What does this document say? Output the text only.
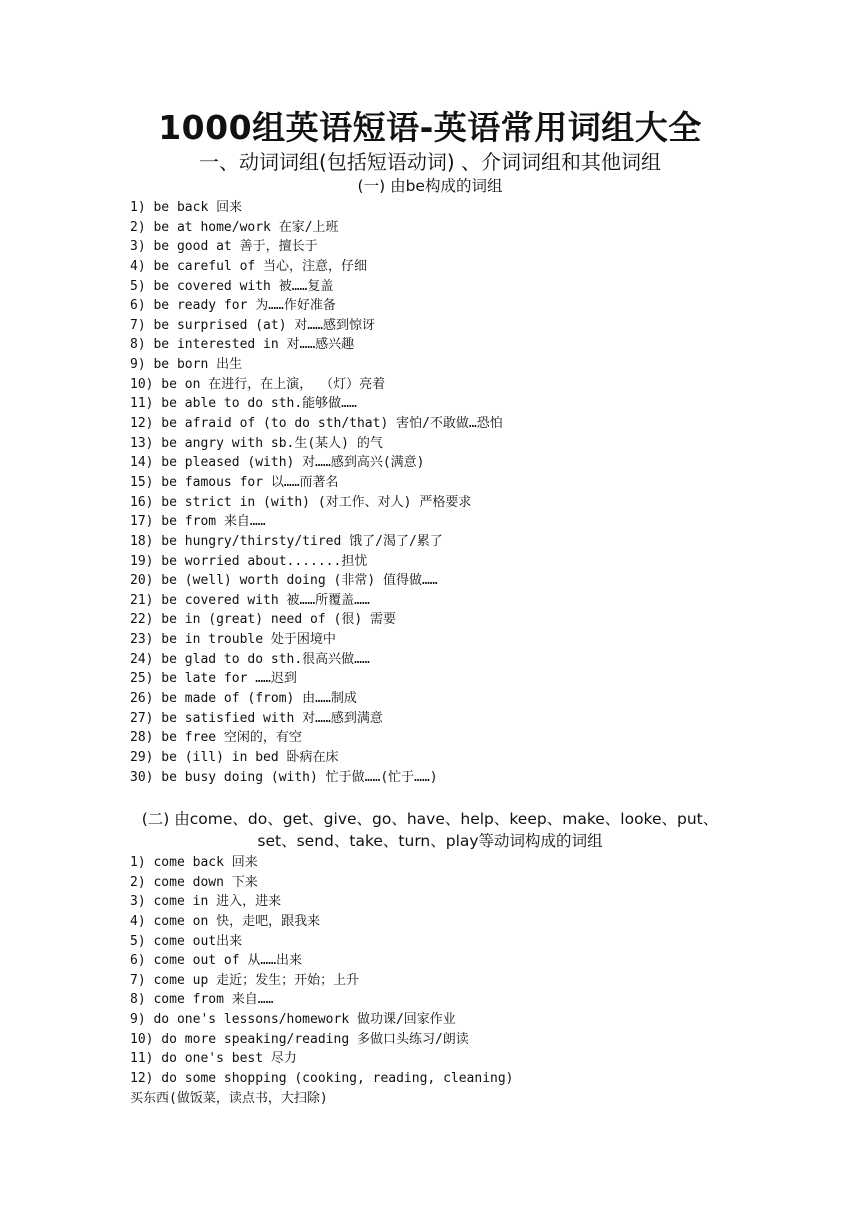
1000组英语短语-英语常用词组大全
一、动词词组(包括短语动词) 、介词词组和其他词组
(一) 由be构成的词组
1) be back 回来
2) be at home/work 在家/上班
3) be good at 善于，擅长于
4) be careful of 当心，注意，仔细
5) be covered with 被……复盖
6) be ready for 为……作好准备
7) be surprised (at) 对……感到惊讶
8) be interested in 对……感兴趣
9) be born 出生
10) be on 在进行，在上演， （灯）亮着
11) be able to do sth.能够做……
12) be afraid of (to do sth/that) 害怕/不敢做…恐怕
13) be angry with sb.生(某人) 的气
14) be pleased (with) 对……感到高兴(满意)
15) be famous for 以……而著名
16) be strict in (with) (对工作、对人) 严格要求
17) be from 来自……
18) be hungry/thirsty/tired 饿了/渴了/累了
19) be worried about.......担忧
20) be (well) worth doing (非常) 值得做……
21) be covered with 被……所覆盖……
22) be in (great) need of (很) 需要
23) be in trouble 处于困境中
24) be glad to do sth.很高兴做……
25) be late for ……迟到
26) be made of (from) 由……制成
27) be satisfied with 对……感到满意
28) be free 空闲的，有空
29) be (ill) in bed 卧病在床
30) be busy doing (with) 忙于做……(忙于……)
(二) 由come、do、get、give、go、have、help、keep、make、looke、put、
set、send、take、turn、play等动词构成的词组
1) come back 回来
2) come down 下来
3) come in 进入，进来
4) come on 快，走吧，跟我来
5) come out出来
6) come out of 从……出来
7) come up 走近；发生；开始；上升
8) come from 来自……
9) do one's lessons/homework 做功课/回家作业
10) do more speaking/reading 多做口头练习/朗读
11) do one's best 尽力
12) do some shopping (cooking, reading, cleaning)
买东西(做饭菜，读点书，大扫除)
